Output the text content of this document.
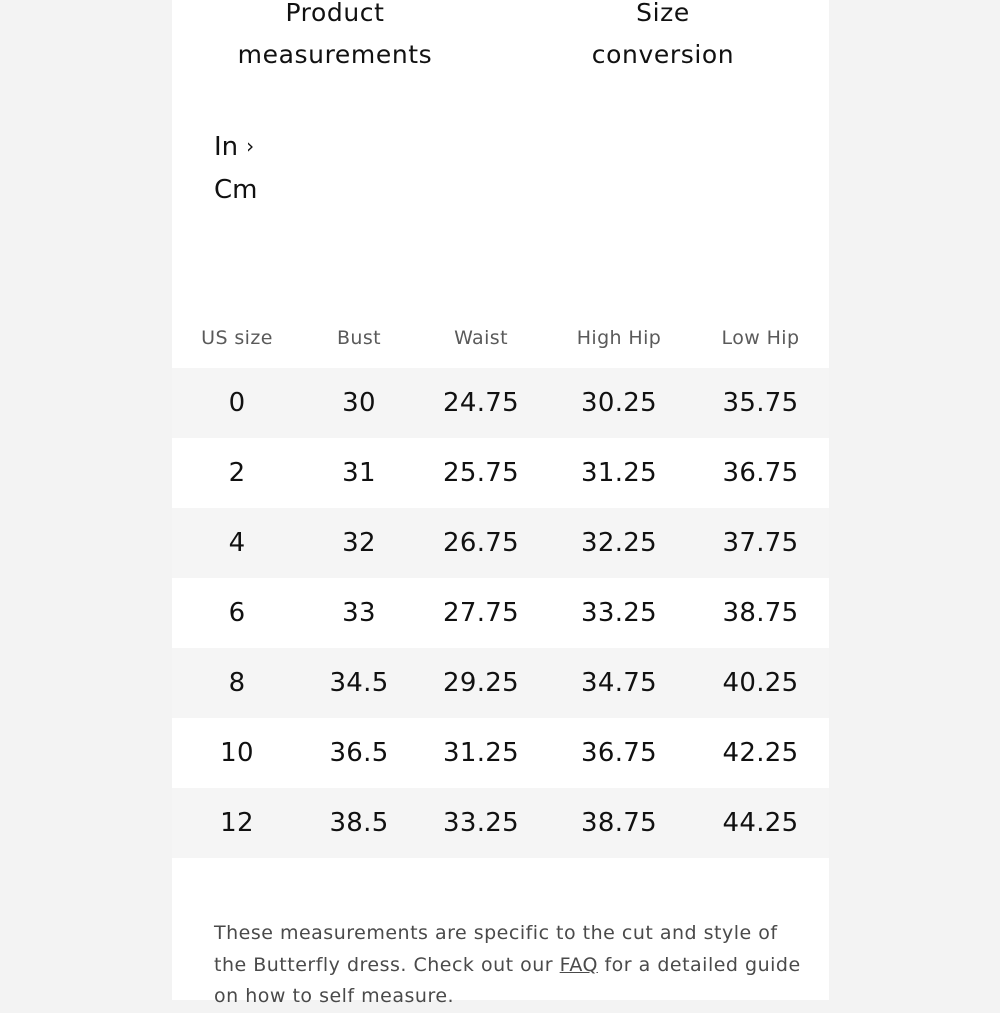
Product
measurements
Size
conversion
In ›
Cm
US size	Bust	Waist	High Hip	Low Hip
0	30	24.75	30.25	35.75
2	31	25.75	31.25	36.75
4	32	26.75	32.25	37.75
6	33	27.75	33.25	38.75
8	34.5	29.25	34.75	40.25
10	36.5	31.25	36.75	42.25
12	38.5	33.25	38.75	44.25

These measurements are specific to the cut and style of the Butterfly dress. Check out our FAQ for a detailed guide on how to self measure.
